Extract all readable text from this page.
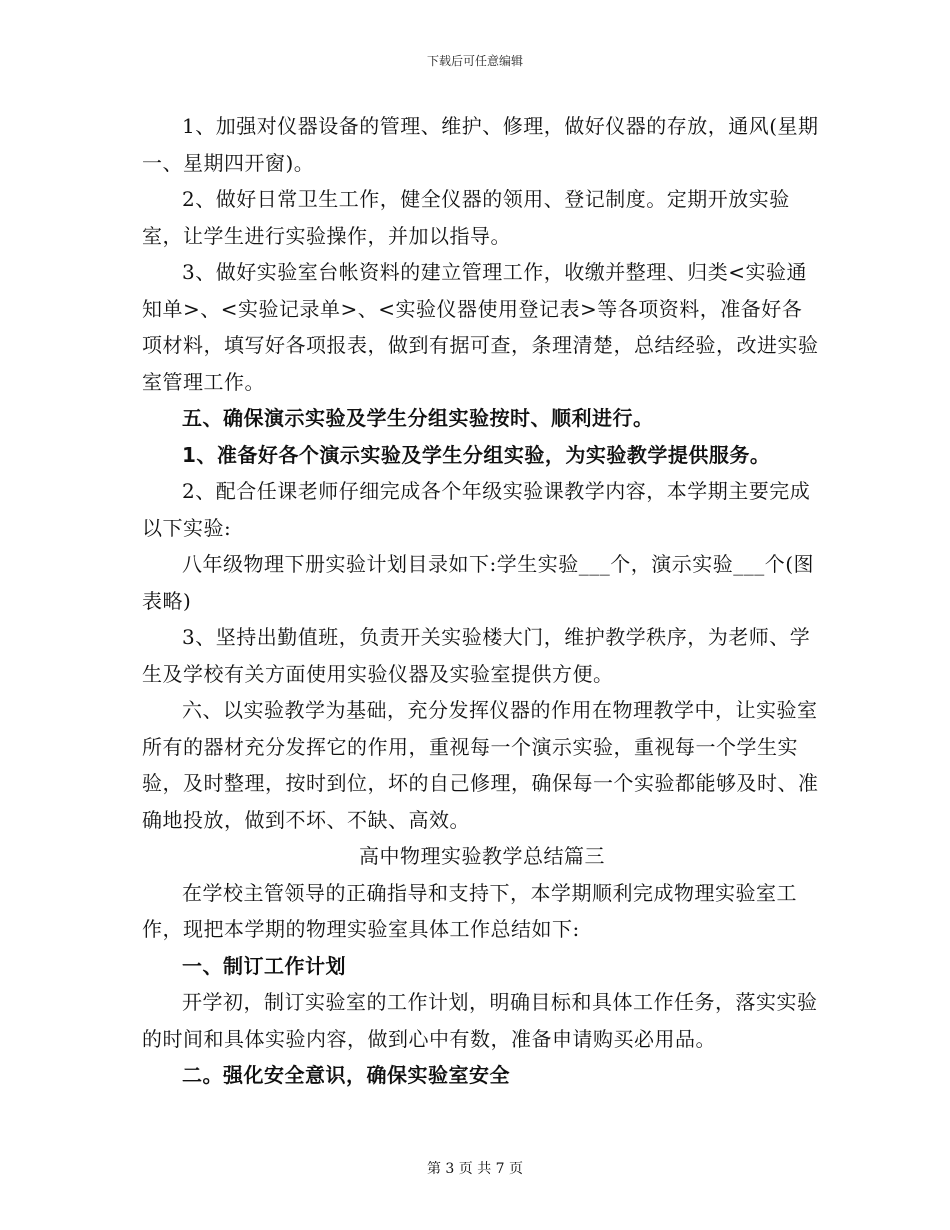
下载后可任意编辑

1、加强对仪器设备的管理、维护、修理，做好仪器的存放，通风(星期一、星期四开窗)。

2、做好日常卫生工作，健全仪器的领用、登记制度。定期开放实验室，让学生进行实验操作，并加以指导。

3、做好实验室台帐资料的建立管理工作，收缴并整理、归类<实验通知单>、<实验记录单>、<实验仪器使用登记表>等各项资料，准备好各项材料，填写好各项报表，做到有据可查，条理清楚，总结经验，改进实验室管理工作。

五、确保演示实验及学生分组实验按时、顺利进行。

1、准备好各个演示实验及学生分组实验，为实验教学提供服务。

2、配合任课老师仔细完成各个年级实验课教学内容，本学期主要完成以下实验:

八年级物理下册实验计划目录如下:学生实验___个，演示实验___个(图表略)

3、坚持出勤值班，负责开关实验楼大门，维护教学秩序，为老师、学生及学校有关方面使用实验仪器及实验室提供方便。

六、以实验教学为基础，充分发挥仪器的作用在物理教学中，让实验室所有的器材充分发挥它的作用，重视每一个演示实验，重视每一个学生实验，及时整理，按时到位，坏的自己修理，确保每一个实验都能够及时、准确地投放，做到不坏、不缺、高效。

高中物理实验教学总结篇三

在学校主管领导的正确指导和支持下，本学期顺利完成物理实验室工作，现把本学期的物理实验室具体工作总结如下:

一、制订工作计划

开学初，制订实验室的工作计划，明确目标和具体工作任务，落实实验的时间和具体实验内容，做到心中有数，准备申请购买必用品。

二。强化安全意识，确保实验室安全

第 3 页 共 7 页
